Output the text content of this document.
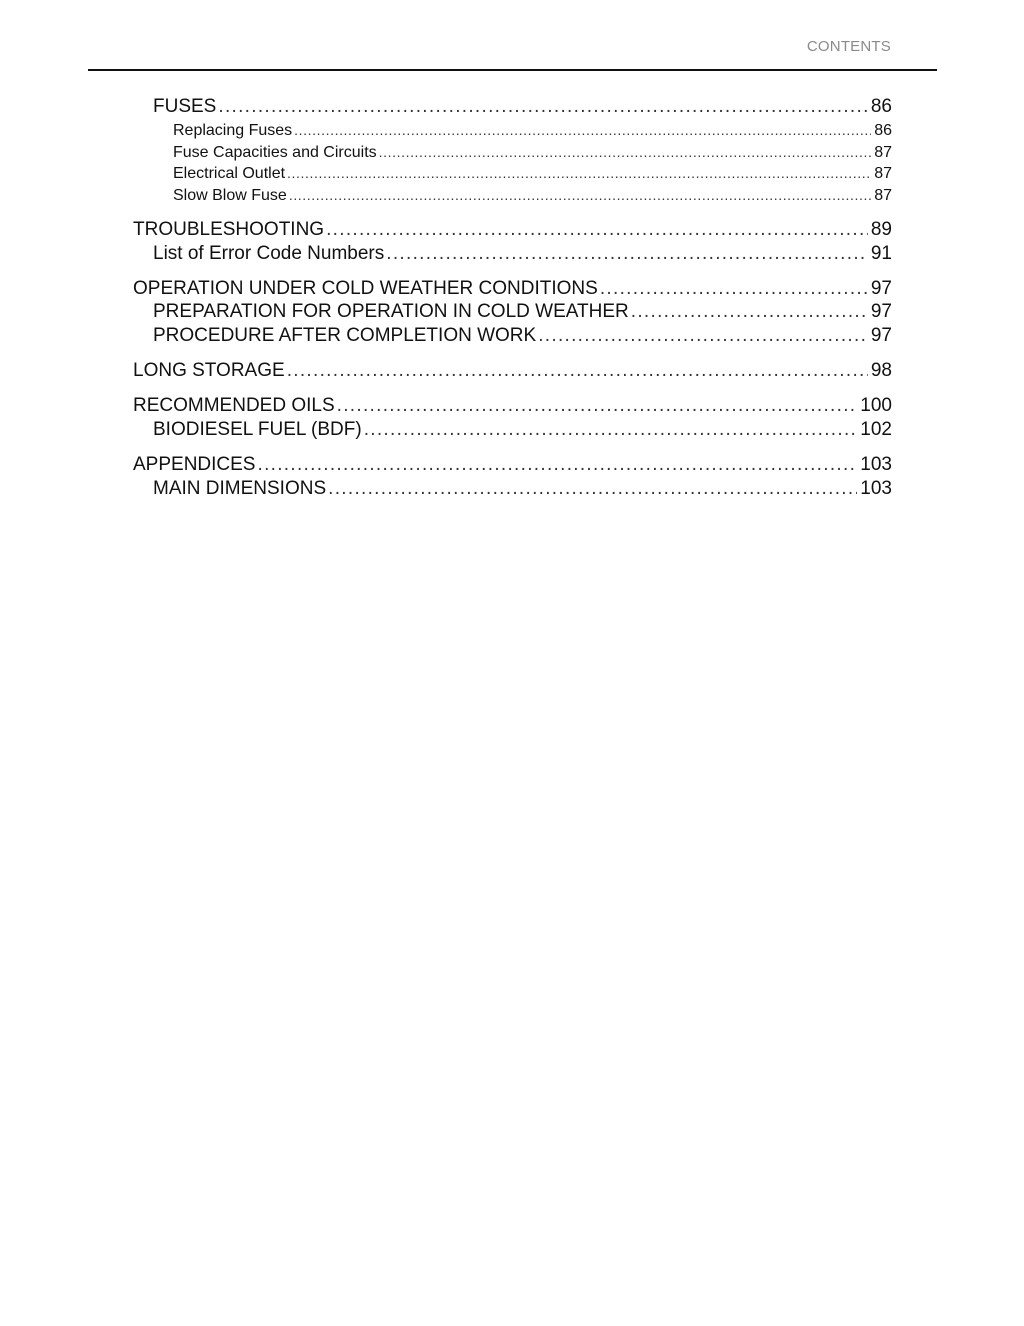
CONTENTS
FUSES .....	86
Replacing Fuses .....	86
Fuse Capacities and Circuits .....	87
Electrical Outlet .....	87
Slow Blow Fuse .....	87
TROUBLESHOOTING .....	89
List of Error Code Numbers .....	91
OPERATION UNDER COLD WEATHER CONDITIONS .....	97
PREPARATION FOR OPERATION IN COLD WEATHER .....	97
PROCEDURE AFTER COMPLETION WORK .....	97
LONG STORAGE .....	98
RECOMMENDED OILS .....	100
BIODIESEL FUEL (BDF) .....	102
APPENDICES .....	103
MAIN DIMENSIONS .....	103
